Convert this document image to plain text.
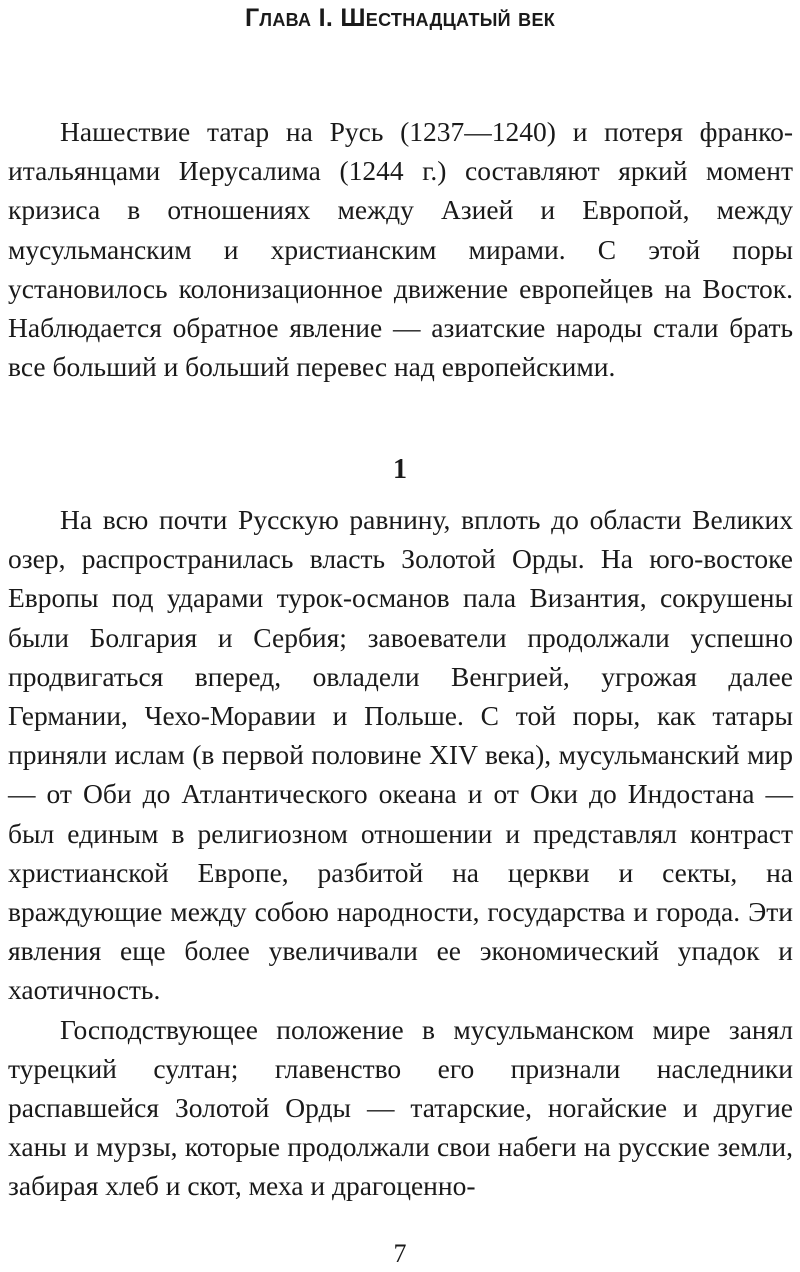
Глава I. Шестнадцатый век

Нашествие татар на Русь (1237—1240) и потеря франко-итальянцами Иерусалима (1244 г.) составляют яркий момент кризиса в отношениях между Азией и Европой, между мусульманским и христианским мирами. С этой поры установилось колонизационное движение европейцев на Восток. Наблюдается обратное явление — азиатские народы стали брать все больший и больший перевес над европейскими.

1

На всю почти Русскую равнину, вплоть до области Великих озер, распространилась власть Золотой Орды. На юго-востоке Европы под ударами турок-османов пала Византия, сокрушены были Болгария и Сербия; завоеватели продолжали успешно продвигаться вперед, овладели Венгрией, угрожая далее Германии, Чехо-Моравии и Польше. С той поры, как татары приняли ислам (в первой половине XIV века), мусульманский мир — от Оби до Атлантического океана и от Оки до Индостана — был единым в религиозном отношении и представлял контраст христианской Европе, разбитой на церкви и секты, на враждующие между собою народности, государства и города. Эти явления еще более увеличивали ее экономический упадок и хаотичность.

Господствующее положение в мусульманском мире занял турецкий султан; главенство его признали наследники распавшейся Золотой Орды — татарские, ногайские и другие ханы и мурзы, которые продолжали свои набеги на русские земли, забирая хлеб и скот, меха и драгоценно-

7
